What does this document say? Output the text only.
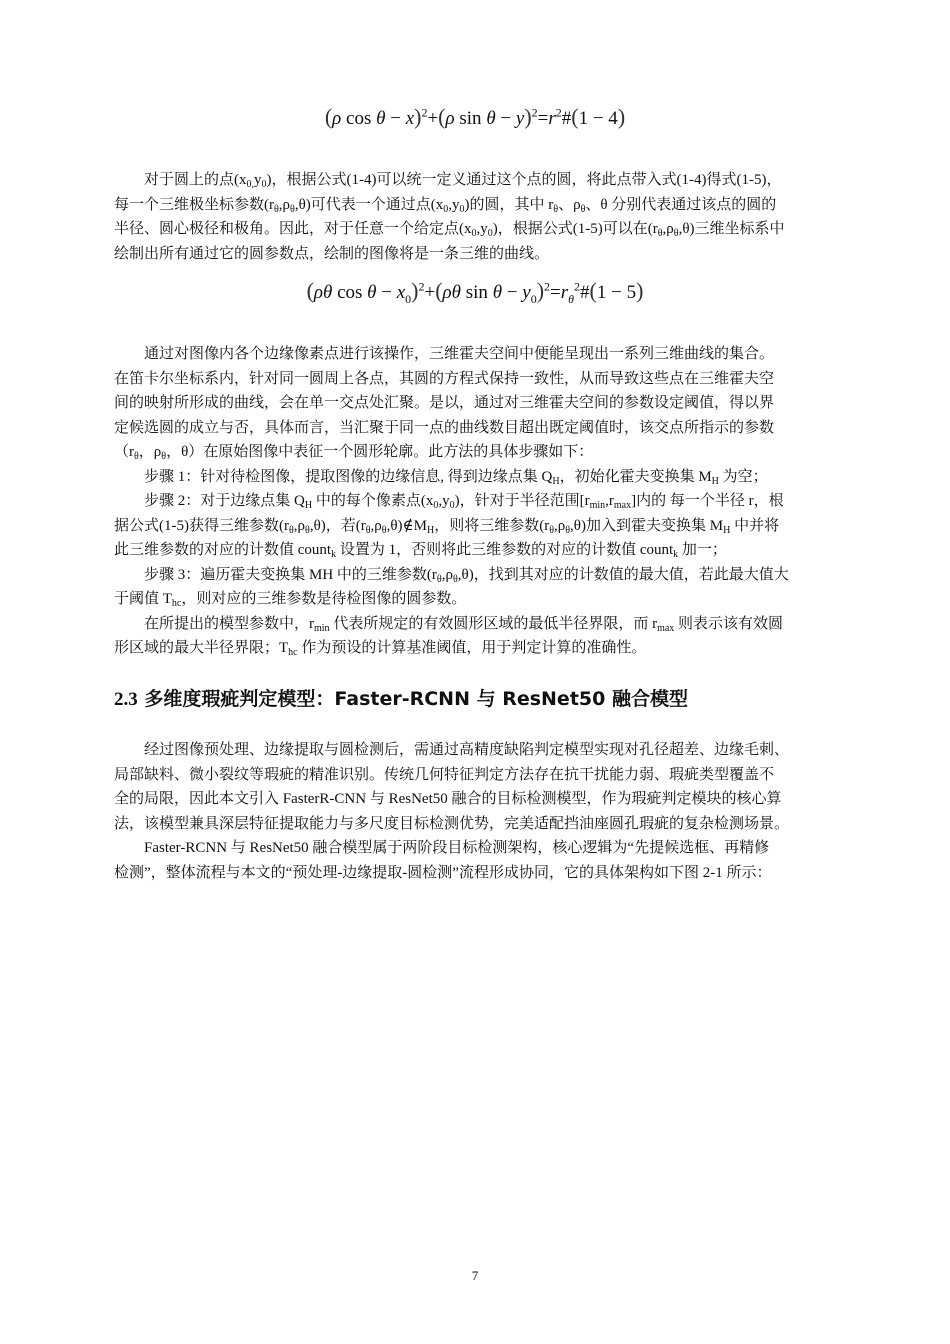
(ρ cos θ − x)$^2$+(ρ $\sin \theta - y)^2=r^2\#(1 - 4)$

对于圆上的点$(x_{0,}y_0)$，根据公式(1-4)可以统一定义通过这个点的圆，将此点带入式(1-4)得式(1-5)，

每一个三维极坐标参数$(r_\theta,\rho_\theta,\theta)$可代表一个通过点$(x_0,y_0)$的圆，其中 $r_\theta$、$\rho_\theta$、θ 分别代表通过该点的圆的

半径、圆心极径和极角。因此，对于任意一个给定点$(x_0,y_0)$，根据公式(1-5)可以在$(r_\theta,\rho_\theta,\theta)$三维坐标系中

绘制出所有通过它的圆参数点，绘制的图像将是一条三维的曲线。

(ρθ $\cos \theta - x_0)^2+(\rho\theta$ $\sin \theta - y_0)^2=r_\theta^2\#(1 - 5)$

通过对图像内各个边缘像素点进行该操作，三维霍夫空间中便能呈现出一系列三维曲线的集合。

在笛卡尔坐标系内，针对同一圆周上各点，其圆的方程式保持一致性，从而导致这些点在三维霍夫空

间的映射所形成的曲线，会在单一交点处汇聚。是以，通过对三维霍夫空间的参数设定阈值，得以界

定候选圆的成立与否，具体而言，当汇聚于同一点的曲线数目超出既定阈值时，该交点所指示的参数

（$r_\theta$，$\rho_\theta$，θ）在原始图像中表征一个圆形轮廓。此方法的具体步骤如下：

步骤 1：针对待检图像，提取图像的边缘信息, 得到边缘点集 $Q_H$，初始化霍夫变换集 $M_H$ 为空；

步骤 2：对于边缘点集 $Q_H$ 中的每个像素点$(x_0,y_0)$，针对于半径范围$[r_{min},r_{max}]$内的 每一个半径 r，根

据公式(1-5)获得三维参数$(r_\theta,\rho_\theta,\theta)$，若$(r_\theta,\rho_\theta,\theta)\notin M_H$，则将三维参数$(r_\theta,\rho_\theta,\theta)$加入到霍夫变换集 $M_H$ 中并将

此三维参数的对应的计数值 count$_k$ 设置为 1，否则将此三维参数的对应的计数值 count$_k$ 加一；

步骤 3：遍历霍夫变换集 MH 中的三维参数$(r_\theta,\rho_\theta,\theta)$，找到其对应的计数值的最大值，若此最大值大

于阈值 $T_{hc}$，则对应的三维参数是待检图像的圆参数。

在所提出的模型参数中，$r_{min}$ 代表所规定的有效圆形区域的最低半径界限，而 $r_{max}$ 则表示该有效圆

形区域的最大半径界限；$T_{hc}$ 作为预设的计算基准阈值，用于判定计算的准确性。

2.3 多维度瑕疵判定模型：Faster-RCNN 与 ResNet50 融合模型

经过图像预处理、边缘提取与圆检测后，需通过高精度缺陷判定模型实现对孔径超差、边缘毛刺、

局部缺料、微小裂纹等瑕疵的精准识别。传统几何特征判定方法存在抗干扰能力弱、瑕疵类型覆盖不

全的局限，因此本文引入 FasterR-CNN 与 ResNet50 融合的目标检测模型，作为瑕疵判定模块的核心算

法，该模型兼具深层特征提取能力与多尺度目标检测优势，完美适配挡油座圆孔瑕疵的复杂检测场景。

Faster-RCNN 与 ResNet50 融合模型属于两阶段目标检测架构，核心逻辑为“先提候选框、再精修

检测”，整体流程与本文的“预处理-边缘提取-圆检测”流程形成协同，它的具体架构如下图 2-1 所示：

7
